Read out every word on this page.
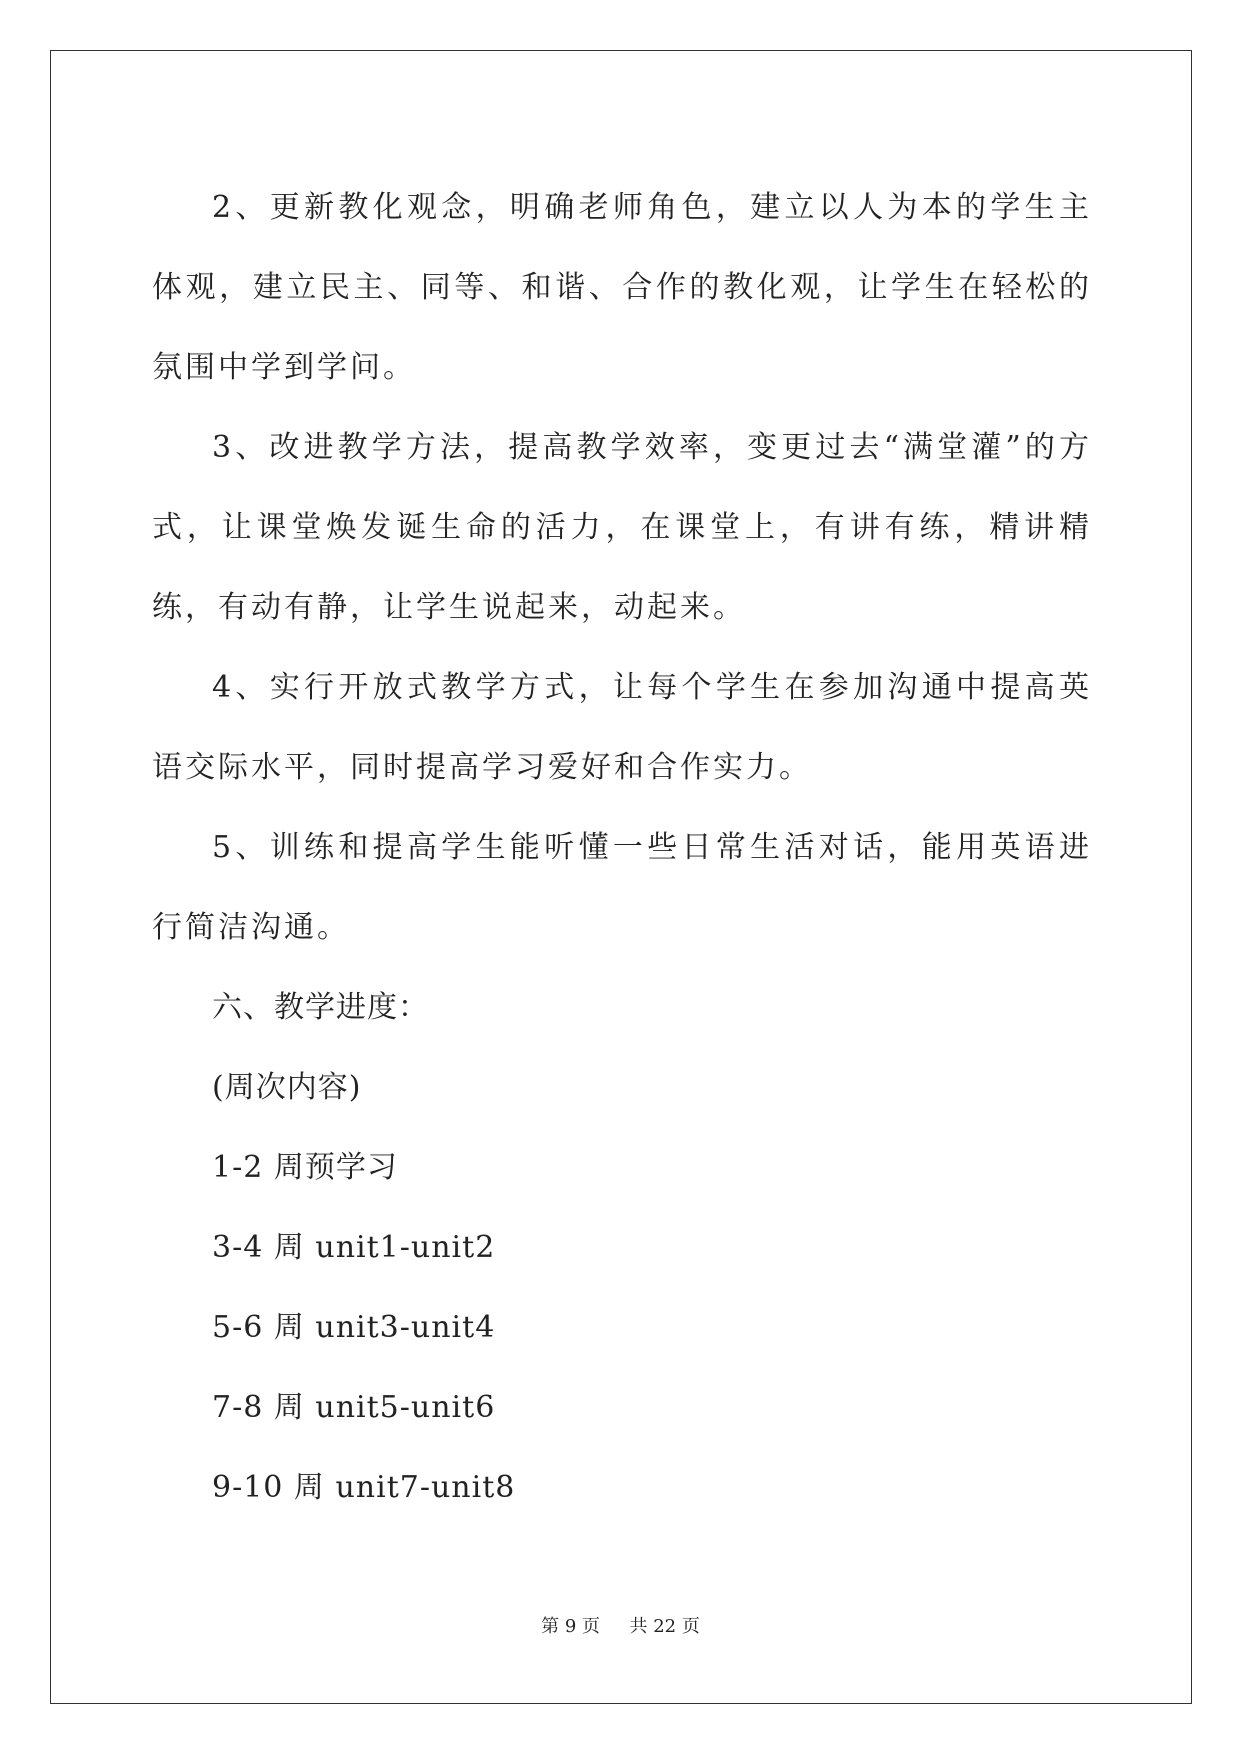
2、更新教化观念，明确老师角色，建立以人为本的学生主体观，建立民主、同等、和谐、合作的教化观，让学生在轻松的氛围中学到学问。

3、改进教学方法，提高教学效率，变更过去“满堂灌”的方式，让课堂焕发诞生命的活力，在课堂上，有讲有练，精讲精练，有动有静，让学生说起来，动起来。

4、实行开放式教学方式，让每个学生在参加沟通中提高英语交际水平，同时提高学习爱好和合作实力。

5、训练和提高学生能听懂一些日常生活对话，能用英语进行简洁沟通。

六、教学进度：

(周次内容)

1-2 周预学习

3-4 周 unit1-unit2

5-6 周 unit3-unit4

7-8 周 unit5-unit6

9-10 周 unit7-unit8

第 9 页 共 22 页
